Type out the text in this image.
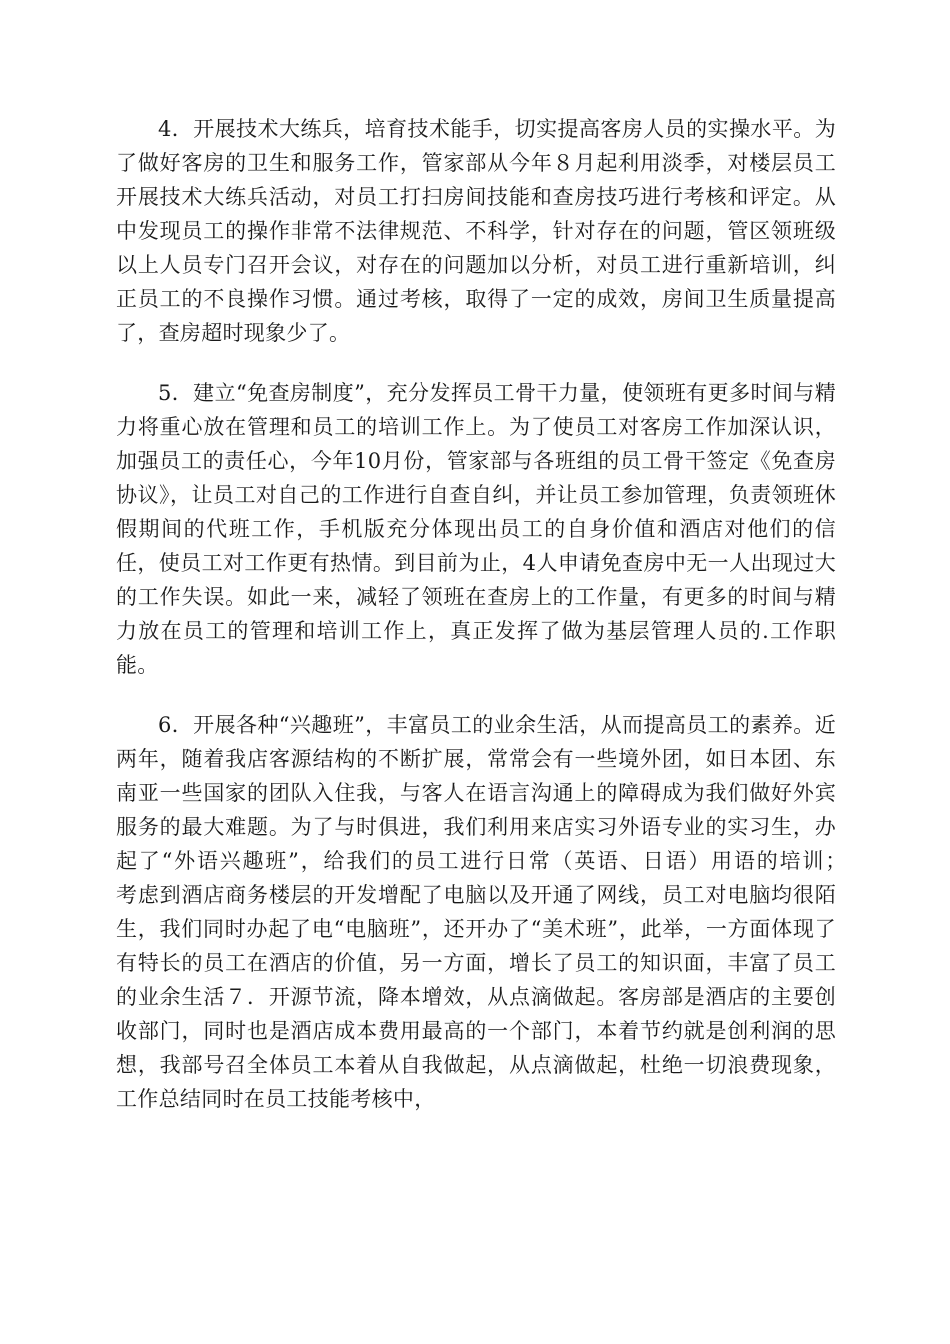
4．开展技术大练兵，培育技术能手，切实提高客房人员的实操水平。为了做好客房的卫生和服务工作，管家部从今年８月起利用淡季，对楼层员工开展技术大练兵活动，对员工打扫房间技能和查房技巧进行考核和评定。从中发现员工的操作非常不法律规范、不科学，针对存在的问题，管区领班级以上人员专门召开会议，对存在的问题加以分析，对员工进行重新培训，纠正员工的不良操作习惯。通过考核，取得了一定的成效，房间卫生质量提高了，查房超时现象少了。

5．建立“免查房制度”，充分发挥员工骨干力量，使领班有更多时间与精力将重心放在管理和员工的培训工作上。为了使员工对客房工作加深认识，加强员工的责任心，今年10月份，管家部与各班组的员工骨干签定《免查房协议》，让员工对自己的工作进行自查自纠，并让员工参加管理，负责领班休假期间的代班工作，手机版充分体现出员工的自身价值和酒店对他们的信任，使员工对工作更有热情。到目前为止，4人申请免查房中无一人出现过大的工作失误。如此一来，减轻了领班在查房上的工作量，有更多的时间与精力放在员工的管理和培训工作上，真正发挥了做为基层管理人员的.工作职能。

6．开展各种“兴趣班”，丰富员工的业余生活，从而提高员工的素养。近两年，随着我店客源结构的不断扩展，常常会有一些境外团，如日本团、东南亚一些国家的团队入住我，与客人在语言沟通上的障碍成为我们做好外宾服务的最大难题。为了与时俱进，我们利用来店实习外语专业的实习生，办起了“外语兴趣班”，给我们的员工进行日常（英语、日语）用语的培训；　　考虑到酒店商务楼层的开发增配了电脑以及开通了网线，员工对电脑均很陌生，我们同时办起了电“电脑班”，还开办了“美术班”，此举，一方面体现了有特长的员工在酒店的价值，另一方面，增长了员工的知识面，丰富了员工的业余生活７．开源节流，降本增效，从点滴做起。客房部是酒店的主要创收部门，同时也是酒店成本费用最高的一个部门，本着节约就是创利润的思想，我部号召全体员工本着从自我做起，从点滴做起，杜绝一切浪费现象，工作总结同时在员工技能考核中，
